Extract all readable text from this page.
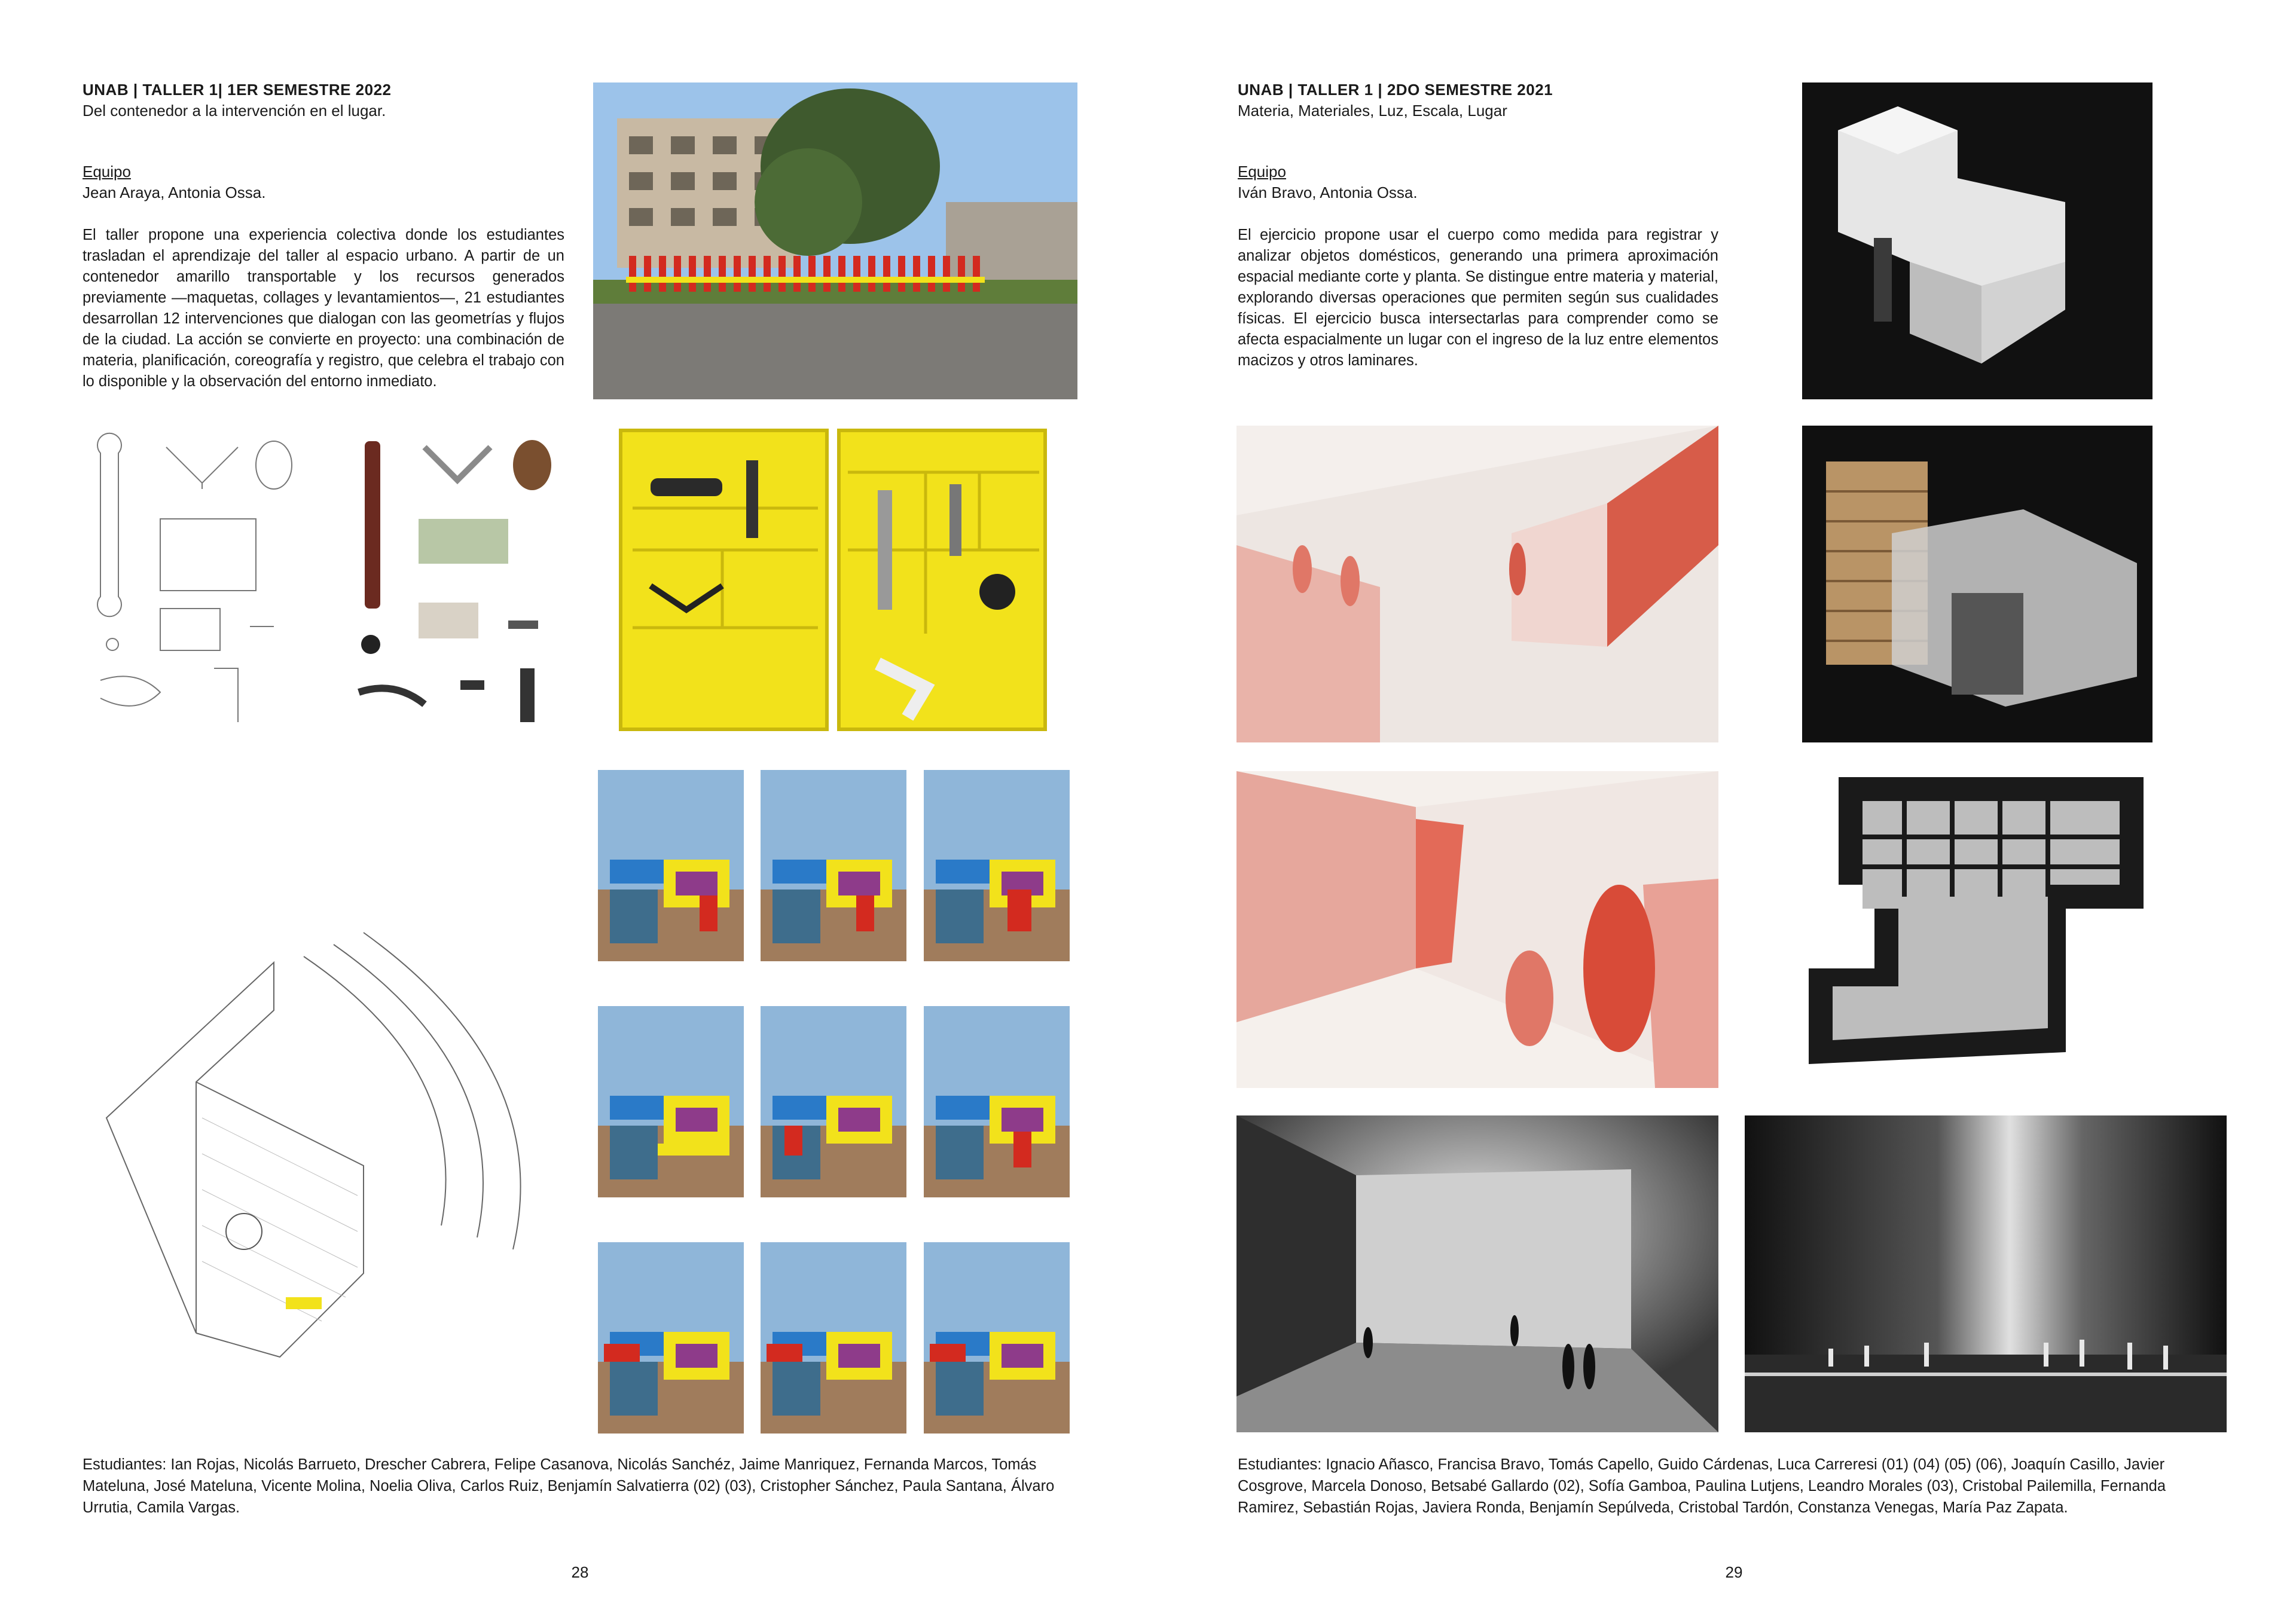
UNAB | TALLER 1| 1ER SEMESTRE 2022
Del contenedor a la intervención en el lugar.
Equipo
Jean Araya, Antonia Ossa.
El taller propone una experiencia colectiva donde los estudiantes trasladan el aprendizaje del taller al espacio urbano. A partir de un contenedor amarillo transportable y los recursos generados previamente —maquetas, collages y levantamientos—, 21 estudiantes desarrollan 12 intervenciones que dialogan con las geometrías y flujos de la ciudad. La acción se convierte en proyecto: una combinación de materia, planificación, coreografía y registro, que celebra el trabajo con lo disponible y la observación del entorno inmediato.
Estudiantes: Ian Rojas, Nicolás Barrueto, Drescher Cabrera, Felipe Casanova, Nicolás Sanchéz, Jaime Manriquez, Fernanda Marcos, Tomás Mateluna, José Mateluna, Vicente Molina, Noelia Oliva, Carlos Ruiz, Benjamín Salvatierra (02) (03), Cristopher Sánchez, Paula Santana, Álvaro Urrutia, Camila Vargas.
28
UNAB | TALLER 1 | 2DO SEMESTRE 2021
Materia, Materiales, Luz, Escala, Lugar
Equipo
Iván Bravo, Antonia Ossa.
El ejercicio propone usar el cuerpo como medida para registrar y analizar objetos domésticos, generando una primera aproximación espacial mediante corte y planta. Se distingue entre materia y material, explorando diversas operaciones que permiten según sus cualidades físicas. El ejercicio busca intersectarlas para comprender como se afecta espacialmente un lugar con el ingreso de la luz entre elementos macizos y otros laminares.
Estudiantes: Ignacio Añasco, Francisa Bravo, Tomás Capello, Guido Cárdenas, Luca Carreresi (01) (04) (05) (06), Joaquín Casillo, Javier Cosgrove, Marcela Donoso, Betsabé Gallardo (02), Sofía Gamboa, Paulina Lutjens, Leandro Morales (03), Cristobal Pailemilla, Fernanda Ramirez, Sebastián Rojas, Javiera Ronda, Benjamín Sepúlveda, Cristobal Tardón, Constanza Venegas, María Paz Zapata.
29
